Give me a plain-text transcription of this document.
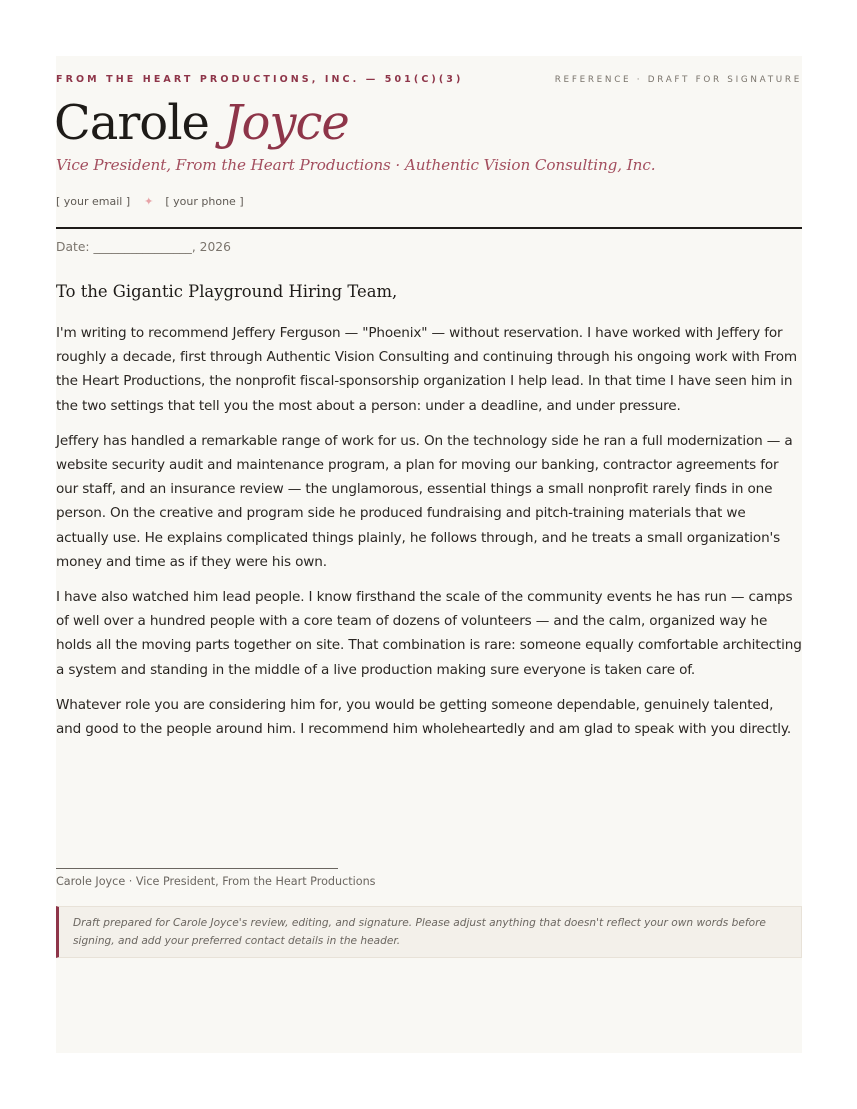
FROM THE HEART PRODUCTIONS, INC. — 501(C)(3)	REFERENCE · DRAFT FOR SIGNATURE
Carole Joyce
Vice President, From the Heart Productions · Authentic Vision Consulting, Inc.
[ your email ] ✦ [ your phone ]
Date: ________________, 2026
To the Gigantic Playground Hiring Team,

I'm writing to recommend Jeffery Ferguson — "Phoenix" — without reservation. I have worked with Jeffery for roughly a decade, first through Authentic Vision Consulting and continuing through his ongoing work with From the Heart Productions, the nonprofit fiscal-sponsorship organization I help lead. In that time I have seen him in the two settings that tell you the most about a person: under a deadline, and under pressure.

Jeffery has handled a remarkable range of work for us. On the technology side he ran a full modernization — a website security audit and maintenance program, a plan for moving our banking, contractor agreements for our staff, and an insurance review — the unglamorous, essential things a small nonprofit rarely finds in one person. On the creative and program side he produced fundraising and pitch-training materials that we actually use. He explains complicated things plainly, he follows through, and he treats a small organization's money and time as if they were his own.

I have also watched him lead people. I know firsthand the scale of the community events he has run — camps of well over a hundred people with a core team of dozens of volunteers — and the calm, organized way he holds all the moving parts together on site. That combination is rare: someone equally comfortable architecting a system and standing in the middle of a live production making sure everyone is taken care of.

Whatever role you are considering him for, you would be getting someone dependable, genuinely talented, and good to the people around him. I recommend him wholeheartedly and am glad to speak with you directly.

Carole Joyce · Vice President, From the Heart Productions
Draft prepared for Carole Joyce's review, editing, and signature. Please adjust anything that doesn't reflect your own words before signing, and add your preferred contact details in the header.
